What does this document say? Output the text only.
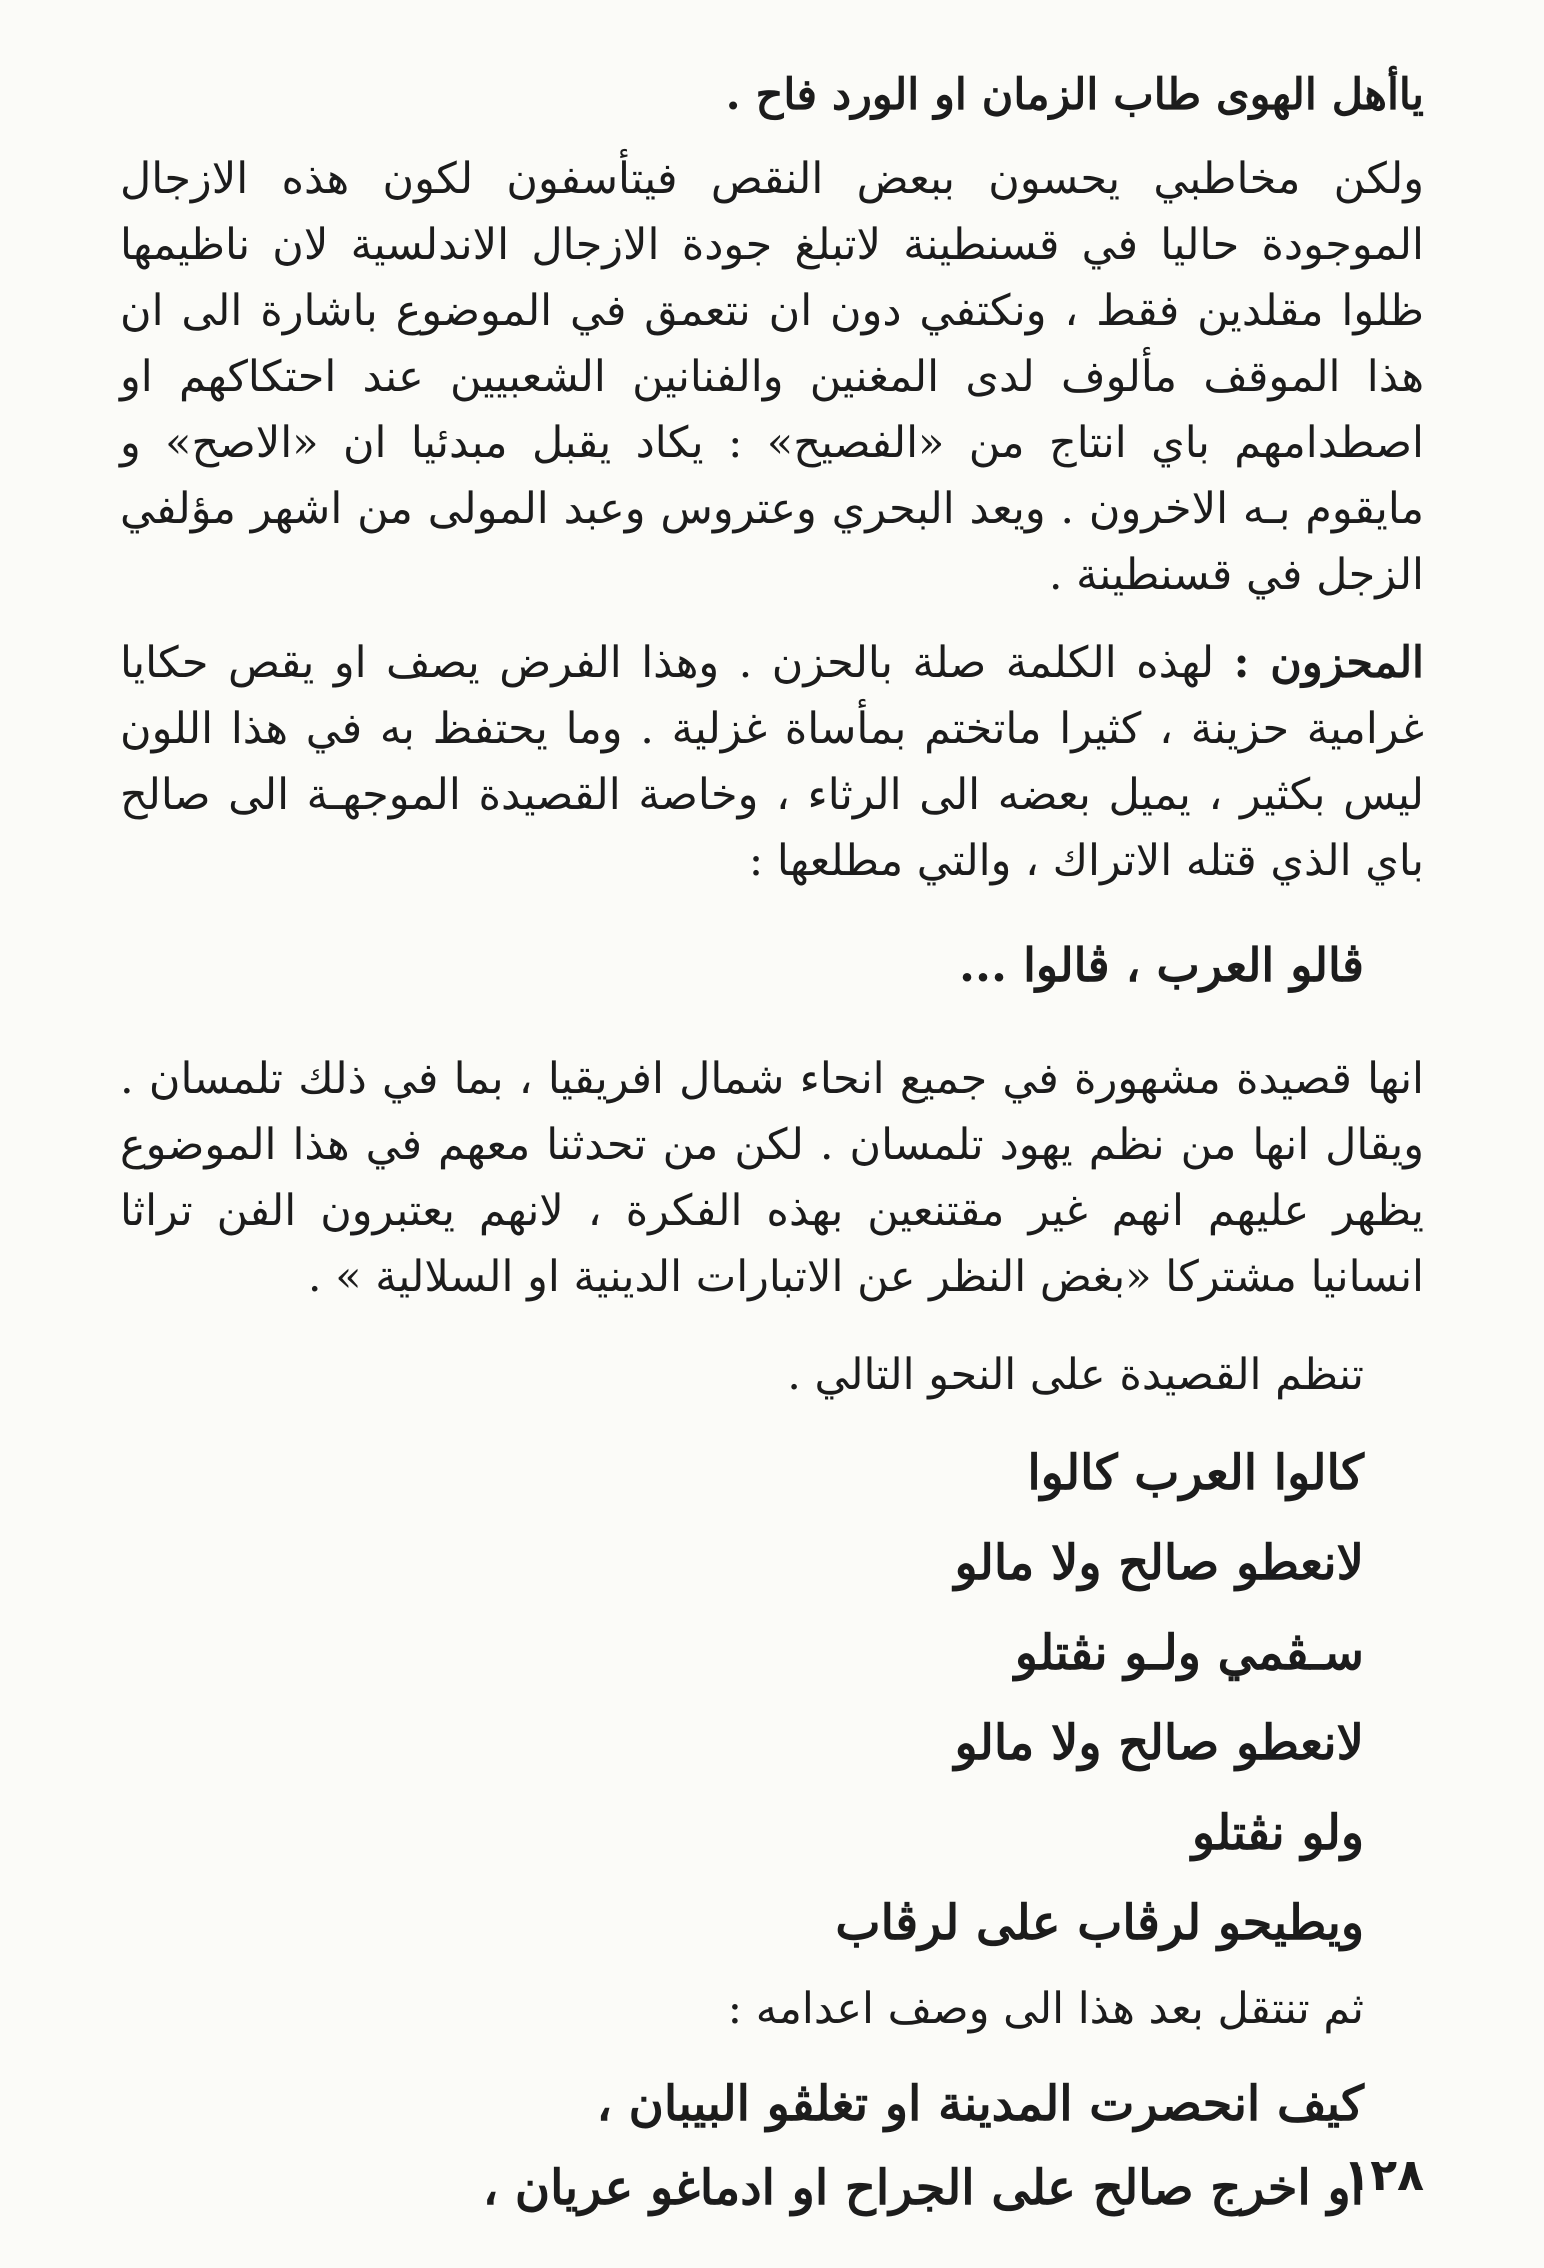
ياأهل الهوى طاب الزمان او الورد فاح .

ولكن مخاطبي يحسون ببعض النقص فيتأسفون لكون هذه الازجال الموجودة حاليا في قسنطينة لاتبلغ جودة الازجال الاندلسية لان ناظيمها ظلوا مقلدين فقط ، ونكتفي دون ان نتعمق في الموضوع باشارة الى ان هذا الموقف مألوف لدى المغنين والفنانين الشعبيين عند احتكاكهم او اصطدامهم باي انتاج من «الفصيح» : يكاد يقبل مبدئيا ان «الاصح» و مايقوم بـه الاخرون . ويعد البحري وعتروس وعبد المولى من اشهر مؤلفي الزجل في قسنطينة .

المحزون : لهذه الكلمة صلة بالحزن . وهذا الفرض يصف او يقص حكايا غرامية حزينة ، كثيرا ماتختم بمأساة غزلية . وما يحتفظ به في هذا اللون ليس بكثير ، يميل بعضه الى الرثاء ، وخاصة القصيدة الموجهـة الى صالح باي الذي قتله الاتراك ، والتي مطلعها :

ڨالو العرب ، ڨالوا ...

انها قصيدة مشهورة في جميع انحاء شمال افريقيا ، بما في ذلك تلمسان . ويقال انها من نظم يهود تلمسان . لكن من تحدثنا معهم في هذا الموضوع يظهر عليهم انهم غير مقتنعين بهذه الفكرة ، لانهم يعتبرون الفن تراثا انسانيا مشتركا «بغض النظر عن الاتبارات الدينية او السلالية » .

تنظم القصيدة على النحو التالي .

كالوا العرب كالوا

لانعطو صالح ولا مالو

سـڨمي ولـو نڨتلو

لانعطو صالح ولا مالو

ولو نڨتلو

ويطيحو لرڨاب على لرڨاب

ثم تنتقل بعد هذا الى وصف اعدامه :

كيف انحصرت المدينة او تغلڨو البيبان ،

او اخرج صالح على الجراح او ادماغو عريان ،

١٢٨
